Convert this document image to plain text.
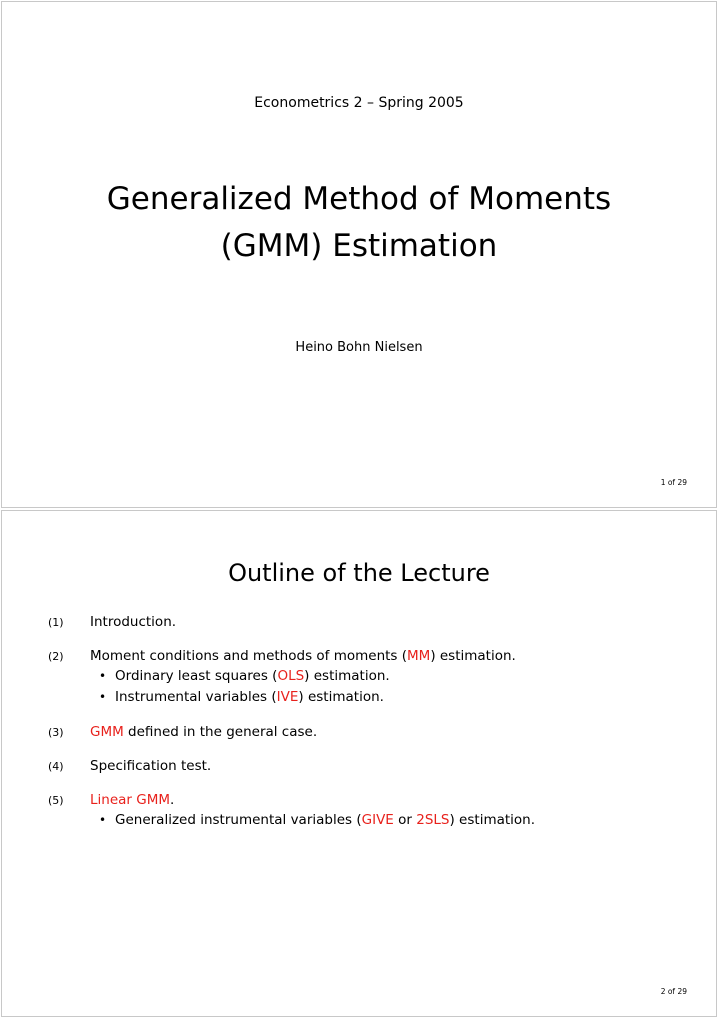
Econometrics 2 – Spring 2005
Generalized Method of Moments
(GMM) Estimation
Heino Bohn Nielsen
1 of 29
Outline of the Lecture
(1) Introduction.
(2) Moment conditions and methods of moments (MM) estimation.
• Ordinary least squares (OLS) estimation.
• Instrumental variables (IVE) estimation.
(3) GMM defined in the general case.
(4) Specification test.
(5) Linear GMM.
• Generalized instrumental variables (GIVE or 2SLS) estimation.
2 of 29
